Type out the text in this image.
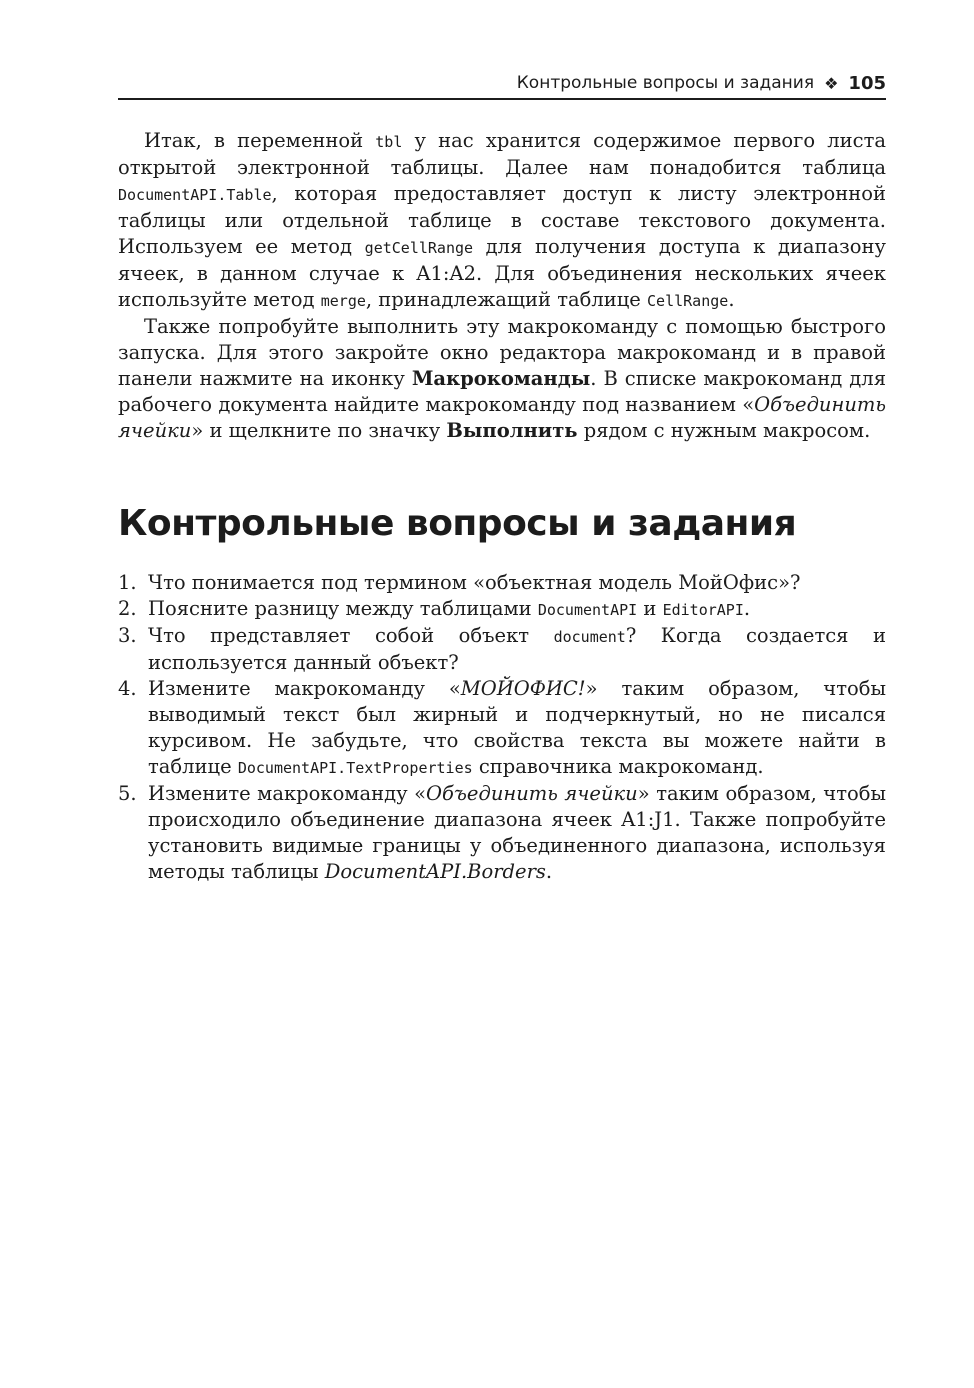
Контрольные вопросы и задания ❖ 105

Итак, в переменной tbl у нас хранится содержимое первого листа открытой электронной таблицы. Далее нам понадобится таблица DocumentAPI.Table, которая предоставляет доступ к листу электронной таблицы или отдельной таблице в составе текстового документа. Используем ее метод getCellRange для получения доступа к диапазону ячеек, в данном случае к A1:A2. Для объединения нескольких ячеек используйте метод merge, принадлежащий таблице CellRange.

Также попробуйте выполнить эту макрокоманду с помощью быстрого запуска. Для этого закройте окно редактора макрокоманд и в правой панели нажмите на иконку Макрокоманды. В списке макрокоманд для рабочего документа найдите макрокоманду под названием «Объединить ячейки» и щелкните по значку Выполнить рядом с нужным макросом.

Контрольные вопросы и задания
1. Что понимается под термином «объектная модель МойОфис»?
2. Поясните разницу между таблицами DocumentAPI и EditorAPI.
3. Что представляет собой объект document? Когда создается и используется данный объект?
4. Измените макрокоманду «МОЙОФИС!» таким образом, чтобы выводимый текст был жирный и подчеркнутый, но не писался курсивом. Не забудьте, что свойства текста вы можете найти в таблице DocumentAPI.TextProperties справочника макрокоманд.
5. Измените макрокоманду «Объединить ячейки» таким образом, чтобы происходило объединение диапазона ячеек A1:J1. Также попробуйте установить видимые границы у объединенного диапазона, используя методы таблицы DocumentAPI.Borders.
